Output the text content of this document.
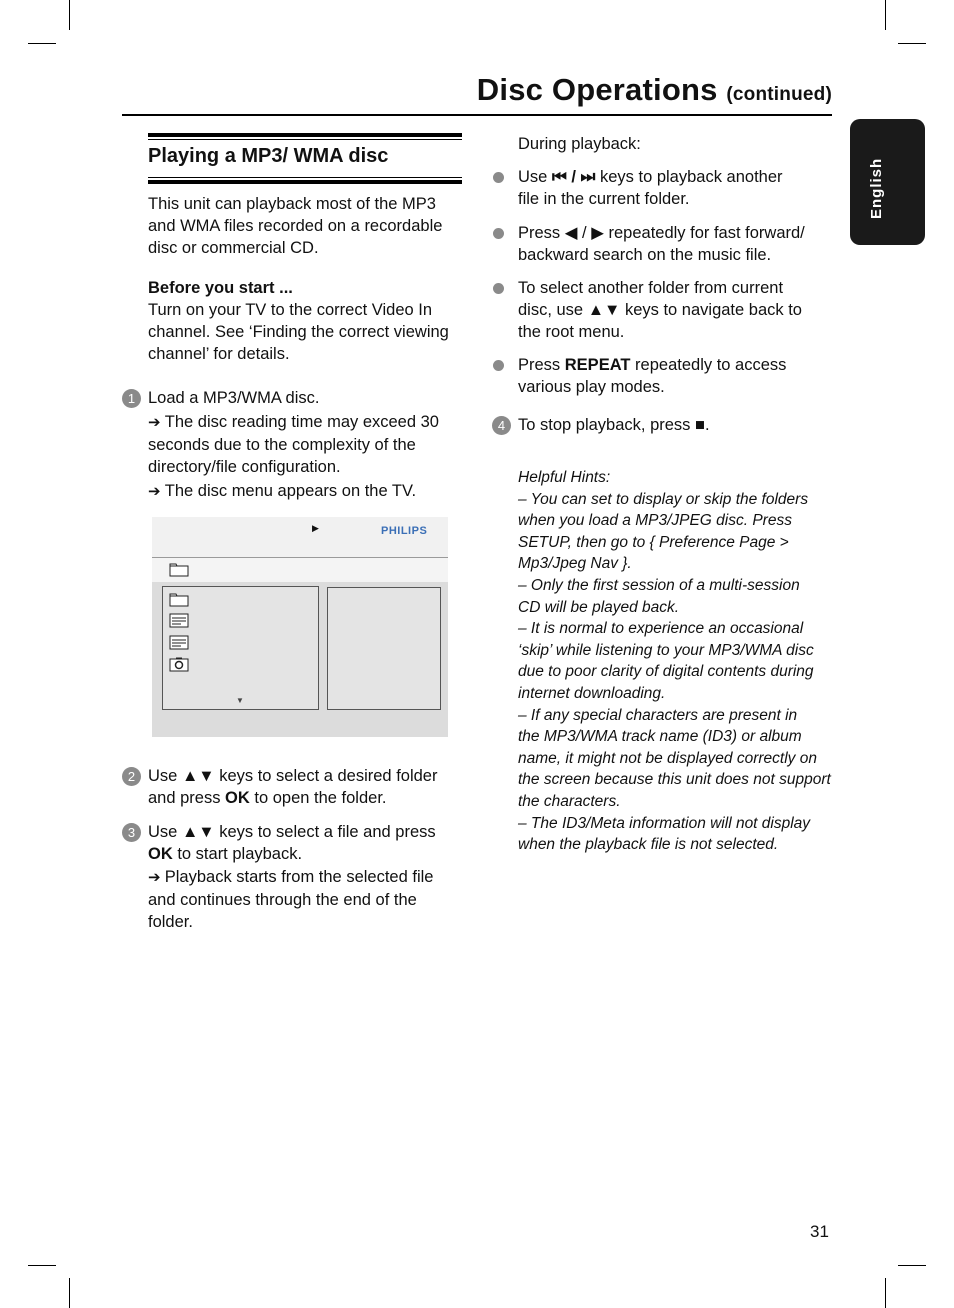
Disc Operations (continued)
English
Playing a MP3/ WMA disc
This unit can playback most of the MP3
and WMA files recorded on a recordable
disc or commercial CD.
Before you start ...
Turn on your TV to the correct Video In
channel. See ‘Finding the correct viewing
channel’ for details.
1 Load a MP3/WMA disc.
➔ The disc reading time may exceed 30
seconds due to the complexity of the
directory/file configuration.
➔ The disc menu appears on the TV.
▶	PHILIPS
▼
2 Use ▲▼ keys to select a desired folder
and press OK to open the folder.
3 Use ▲▼ keys to select a file and press
OK to start playback.
➔ Playback starts from the selected file
and continues through the end of the
folder.
During playback:
Use ⏮ / ⏭ keys to playback another
file in the current folder.
Press ◀ / ▶ repeatedly for fast forward/
backward search on the music file.
To select another folder from current
disc, use ▲▼ keys to navigate back to
the root menu.
Press REPEAT repeatedly to access
various play modes.
4 To stop playback, press ■.
Helpful Hints:
– You can set to display or skip the folders
when you load a MP3/JPEG disc. Press
SETUP, then go to { Preference Page >
Mp3/Jpeg Nav }.
– Only the first session of a multi-session
CD will be played back.
– It is normal to experience an occasional
‘skip’ while listening to your MP3/WMA disc
due to poor clarity of digital contents during
internet downloading.
– If any special characters are present in
the MP3/WMA track name (ID3) or album
name, it might not be displayed correctly on
the screen because this unit does not support
the characters.
– The ID3/Meta information will not display
when the playback file is not selected.
31
